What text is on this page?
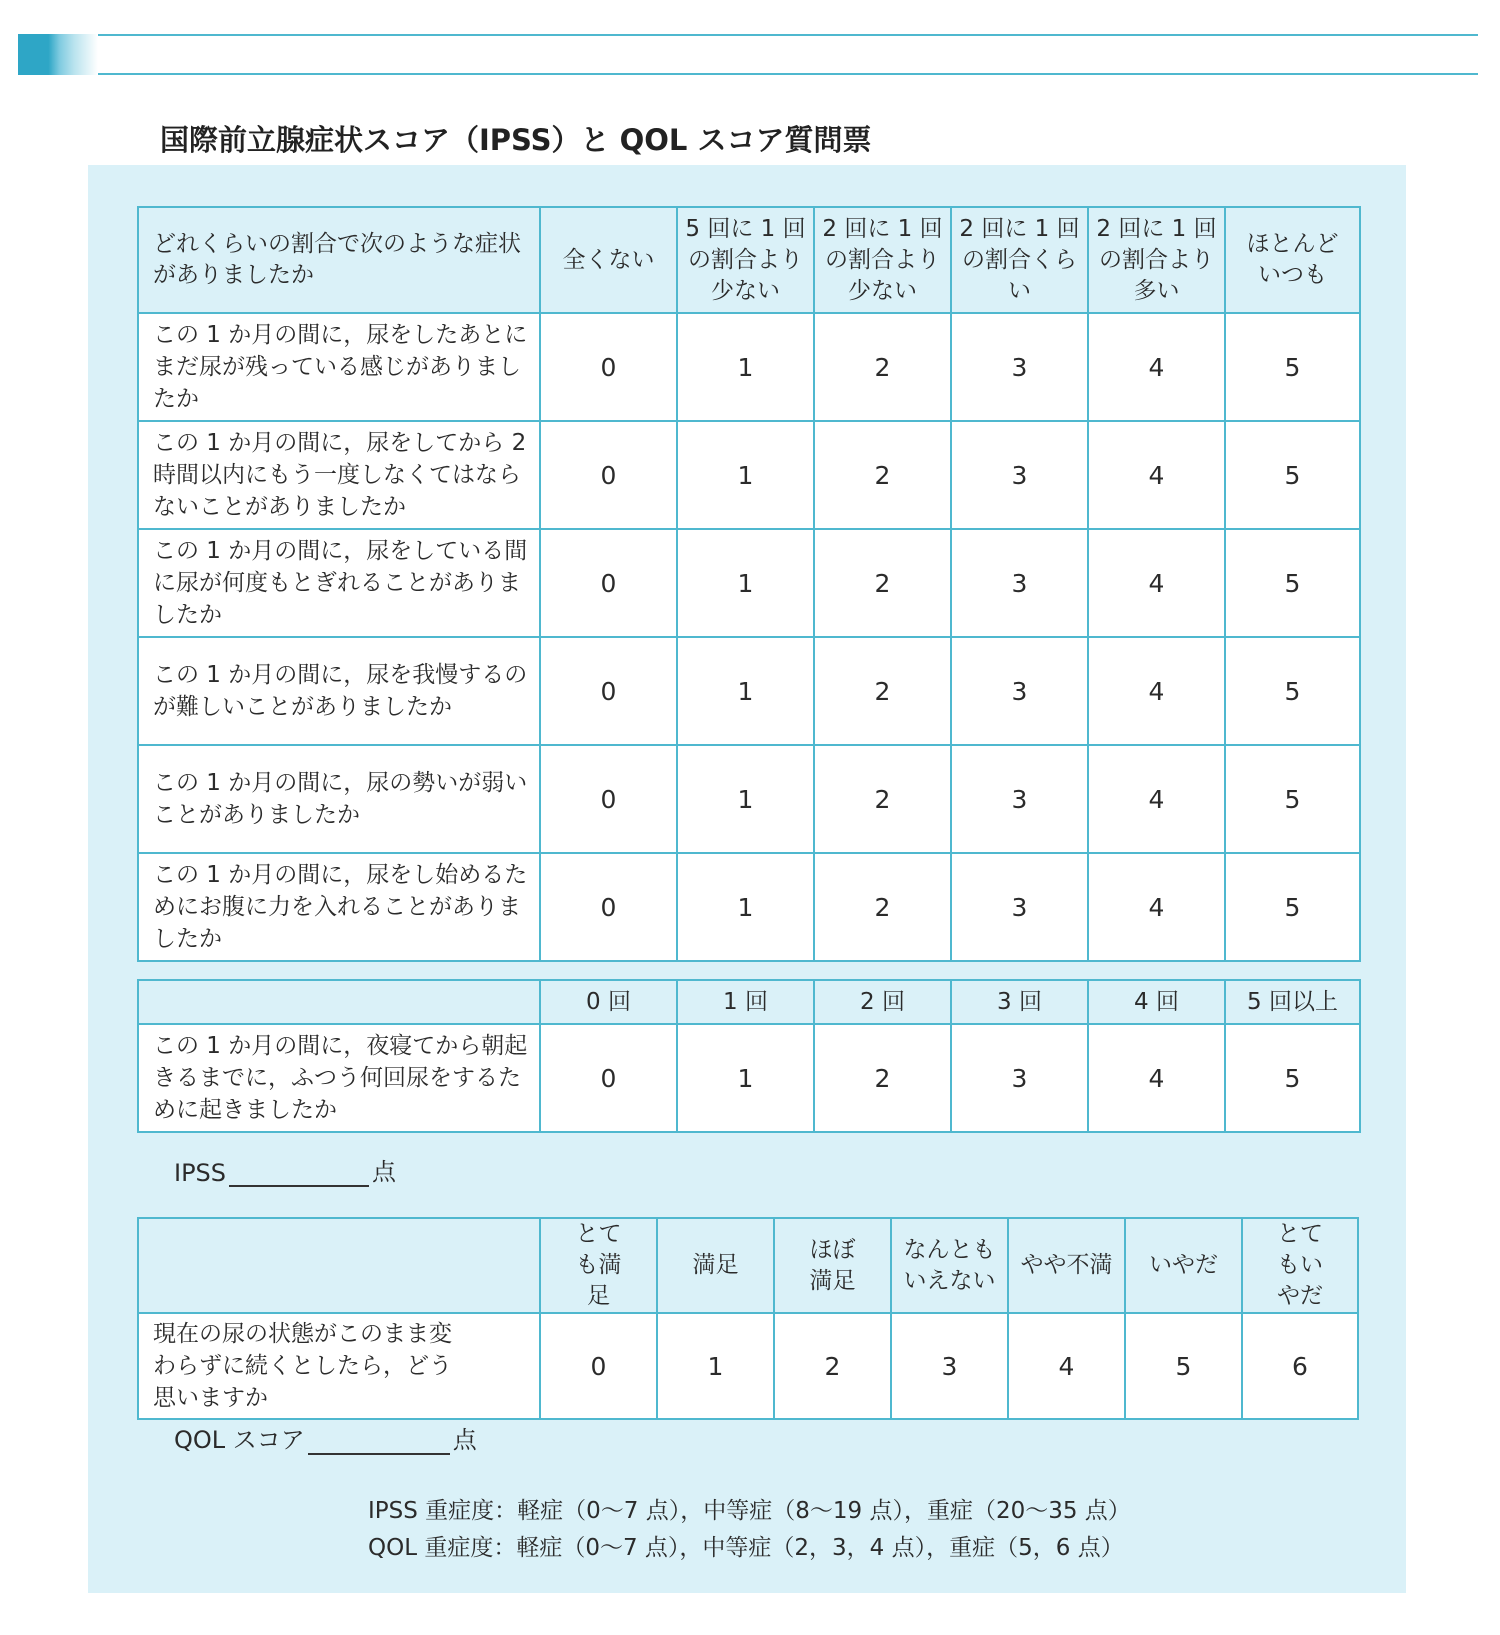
国際前立腺症状スコア（IPSS）と QOL スコア質問票
どれくらいの割合で次のような症状がありましたか	全くない	5 回に 1 回の割合より少ない	2 回に 1 回の割合より少ない	2 回に 1 回の割合くらい	2 回に 1 回の割合より多い	ほとんどいつも
この 1 か月の間に，尿をしたあとにまだ尿が残っている感じがありましたか	0	1	2	3	4	5
この 1 か月の間に，尿をしてから 2 時間以内にもう一度しなくてはならないことがありましたか	0	1	2	3	4	5
この 1 か月の間に，尿をしている間に尿が何度もとぎれることがありましたか	0	1	2	3	4	5
この 1 か月の間に，尿を我慢するのが難しいことがありましたか	0	1	2	3	4	5
この 1 か月の間に，尿の勢いが弱いことがありましたか	0	1	2	3	4	5
この 1 か月の間に，尿をし始めるためにお腹に力を入れることがありましたか	0	1	2	3	4	5
	0 回	1 回	2 回	3 回	4 回	5 回以上
この 1 か月の間に，夜寝てから朝起きるまでに，ふつう何回尿をするために起きましたか	0	1	2	3	4	5
IPSS	点
	とても満足	満足	ほぼ満足	なんともいえない	やや不満	いやだ	とてもいやだ
現在の尿の状態がこのまま変わらずに続くとしたら，どう思いますか	0	1	2	3	4	5	6
QOL スコア	点
IPSS 重症度：軽症（0〜7 点），中等症（8〜19 点），重症（20〜35 点）
QOL 重症度：軽症（0〜7 点），中等症（2，3，4 点），重症（5，6 点）
